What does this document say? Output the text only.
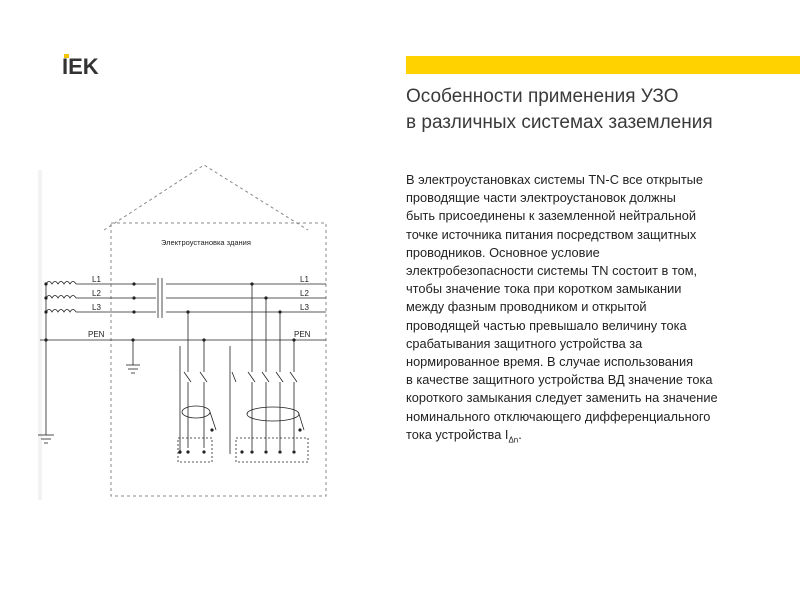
IEK
Особенности применения УЗО
в различных системах заземления

В электроустановках системы TN-C все открытые
проводящие части электроустановок должны
быть присоединены к заземленной нейтральной
точке источника питания посредством защитных
проводников. Основное условие
электробезопасности системы TN состоит в том,
чтобы значение тока при коротком замыкании
между фазным проводником и открытой
проводящей частью превышало величину тока
срабатывания защитного устройства за
нормированное время. В случае использования
в качестве защитного устройства ВД значение тока
короткого замыкания следует заменить на значение
номинального отключающего дифференциального
тока устройства $I_{\Delta n}$.

Электроустановка здания
L1
L2
L3
PEN
L1
L2
L3
PEN
